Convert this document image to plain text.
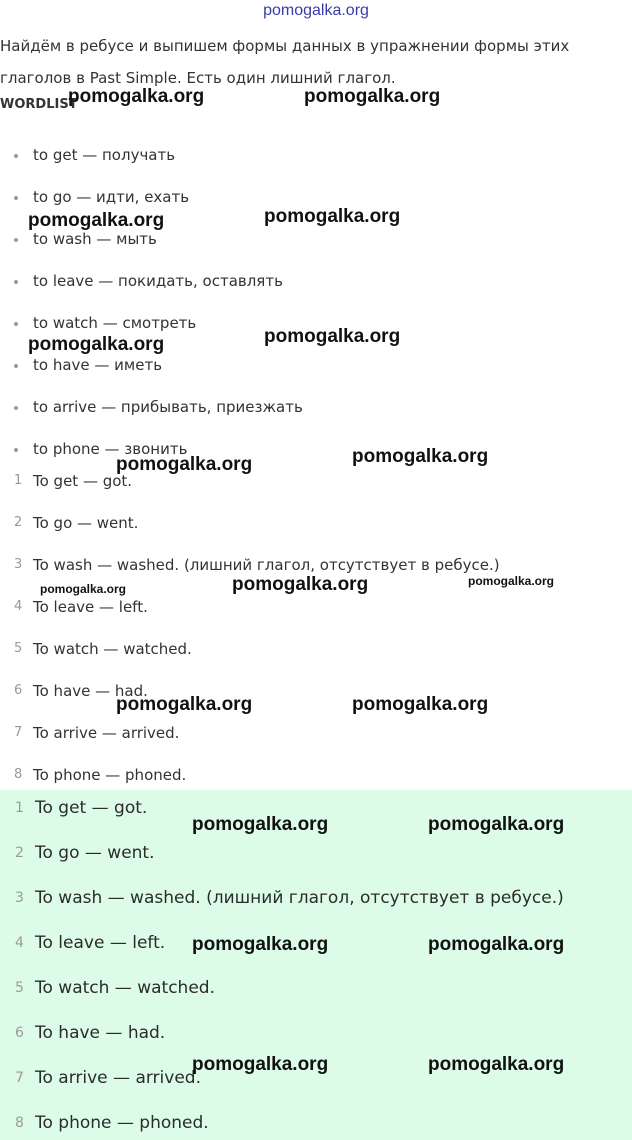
pomogalka.org
Найдём в ребусе и выпишем формы данных в упражнении формы этих глаголов в Past Simple. Есть один лишний глагол.
WORDLIST
to get — получать
to go — идти, ехать
to wash — мыть
to leave — покидать, оставлять
to watch — смотреть
to have — иметь
to arrive — прибывать, приезжать
to phone — звонить
1 To get — got.
2 To go — went.
3 To wash — washed. (лишний глагол, отсутствует в ребусе.)
4 To leave — left.
5 To watch — watched.
6 To have — had.
7 To arrive — arrived.
8 To phone — phoned.
1 To get — got.
2 To go — went.
3 To wash — washed. (лишний глагол, отсутствует в ребусе.)
4 To leave — left.
5 To watch — watched.
6 To have — had.
7 To arrive — arrived.
8 To phone — phoned.
pomogalka.org	pomogalka.org
pomogalka.org	pomogalka.org
pomogalka.org	pomogalka.org
pomogalka.org	pomogalka.org
pomogalka.org	pomogalka.org	pomogalka.org
pomogalka.org	pomogalka.org
pomogalka.org	pomogalka.org
pomogalka.org	pomogalka.org
pomogalka.org	pomogalka.org
